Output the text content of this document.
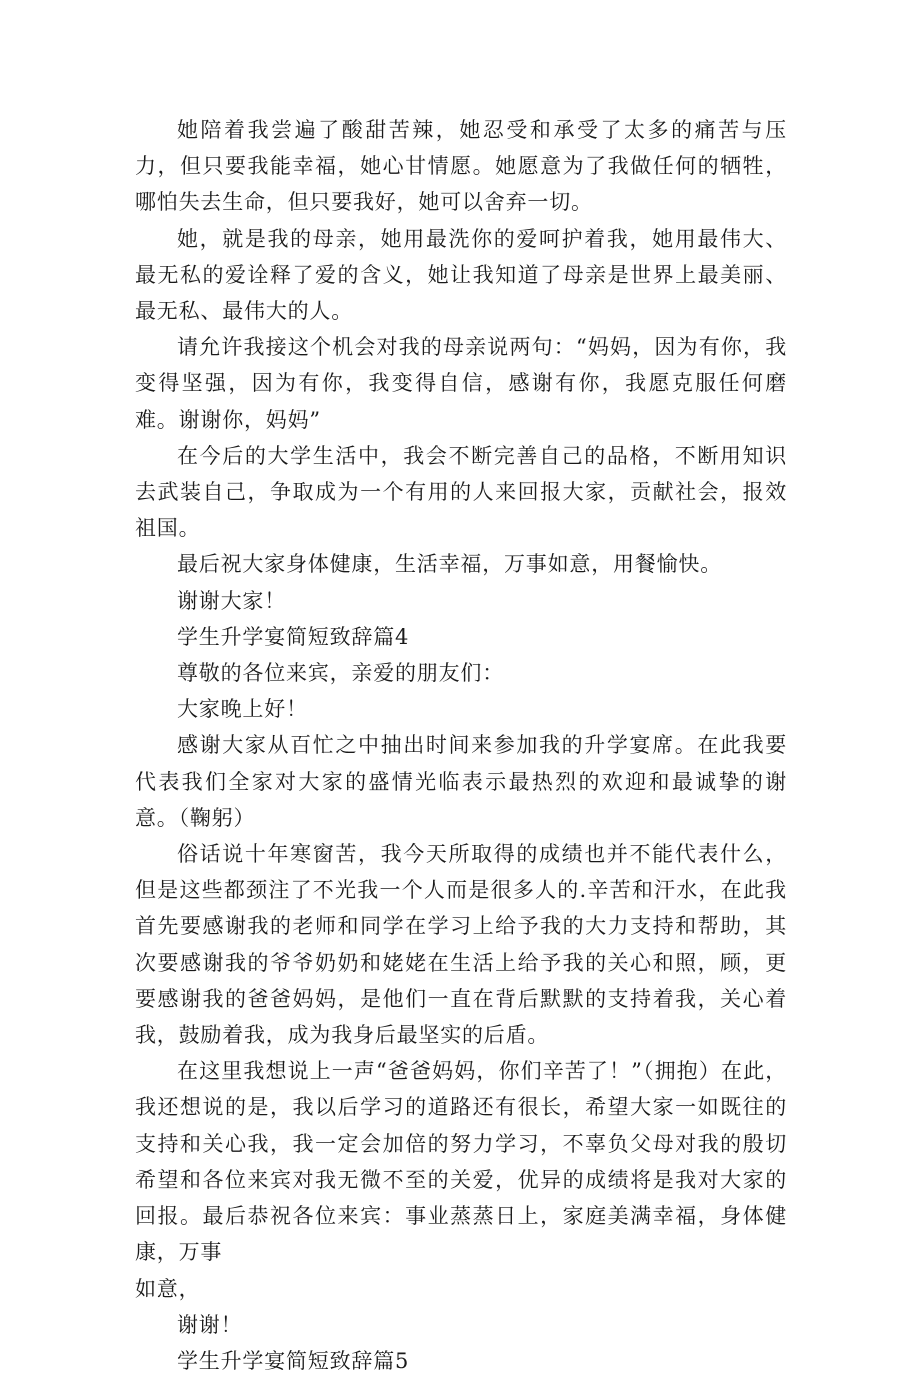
她陪着我尝遍了酸甜苦辣，她忍受和承受了太多的痛苦与压力，但只要我能幸福，她心甘情愿。她愿意为了我做任何的牺牲，哪怕失去生命，但只要我好，她可以舍弃一切。

她，就是我的母亲，她用最洗你的爱呵护着我，她用最伟大、最无私的爱诠释了爱的含义，她让我知道了母亲是世界上最美丽、最无私、最伟大的人。

请允许我接这个机会对我的母亲说两句：“妈妈，因为有你，我变得坚强，因为有你，我变得自信，感谢有你，我愿克服任何磨难。谢谢你，妈妈”

在今后的大学生活中，我会不断完善自己的品格，不断用知识去武装自己，争取成为一个有用的人来回报大家，贡献社会，报效祖国。

最后祝大家身体健康，生活幸福，万事如意，用餐愉快。

谢谢大家！

学生升学宴简短致辞篇4

尊敬的各位来宾，亲爱的朋友们：

大家晚上好！

感谢大家从百忙之中抽出时间来参加我的升学宴席。在此我要代表我们全家对大家的盛情光临表示最热烈的欢迎和最诚挚的谢意。（鞠躬）

俗话说十年寒窗苦，我今天所取得的成绩也并不能代表什么，但是这些都颈注了不光我一个人而是很多人的.辛苦和汗水，在此我首先要感谢我的老师和同学在学习上给予我的大力支持和帮助，其次要感谢我的爷爷奶奶和姥姥在生活上给予我的关心和照，顾，更要感谢我的爸爸妈妈，是他们一直在背后默默的支持着我，关心着我，鼓励着我，成为我身后最坚实的后盾。

在这里我想说上一声“爸爸妈妈，你们辛苦了！”（拥抱）在此，我还想说的是，我以后学习的道路还有很长，希望大家一如既往的支持和关心我，我一定会加倍的努力学习，不辜负父母对我的殷切希望和各位来宾对我无微不至的关爱，优异的成绩将是我对大家的回报。最后恭祝各位来宾：事业蒸蒸日上，家庭美满幸福，身体健康，万事

如意，

谢谢！

学生升学宴简短致辞篇5
